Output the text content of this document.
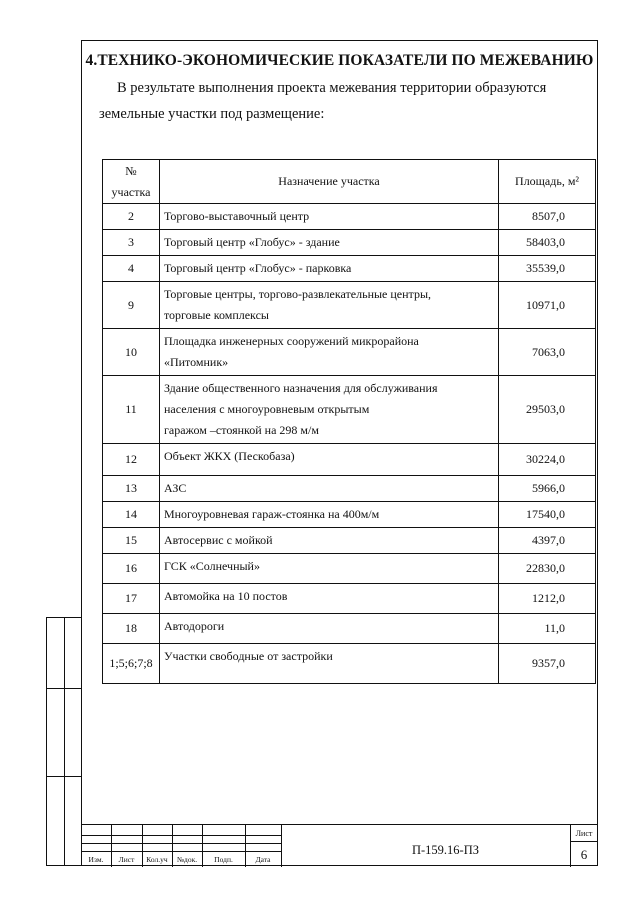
4.ТЕХНИКО-ЭКОНОМИЧЕСКИЕ ПОКАЗАТЕЛИ ПО МЕЖЕВАНИЮ
В результате выполнения проекта межевания территории образуются
земельные участки под размещение:
№
участка	Назначение участка	Площадь, м²
2	Торгово-выставочный центр	8507,0
3	Торговый центр «Глобус» - здание	58403,0
4	Торговый центр «Глобус» - парковка	35539,0
9	Торговые центры, торгово-развлекательные центры,
торговые комплексы	10971,0
10	Площадка инженерных сооружений микрорайона
«Питомник»	7063,0
11	Здание общественного назначения для обслуживания
населения с многоуровневым открытым
гаражом –стоянкой на 298 м/м	29503,0
12	Объект ЖКХ (Пескобаза)	30224,0
13	АЗС	5966,0
14	Многоуровневая гараж-стоянка на 400м/м	17540,0
15	Автосервис с мойкой	4397,0
16	ГСК «Солнечный»	22830,0
17	Автомойка на 10 постов	1212,0
18	Автодороги	11,0
1;5;6;7;8	Участки свободные от застройки	9357,0
Изм.	Лист	Кол.уч	№док.	Подп.	Дата
П-159.16-ПЗ
Лист
6
